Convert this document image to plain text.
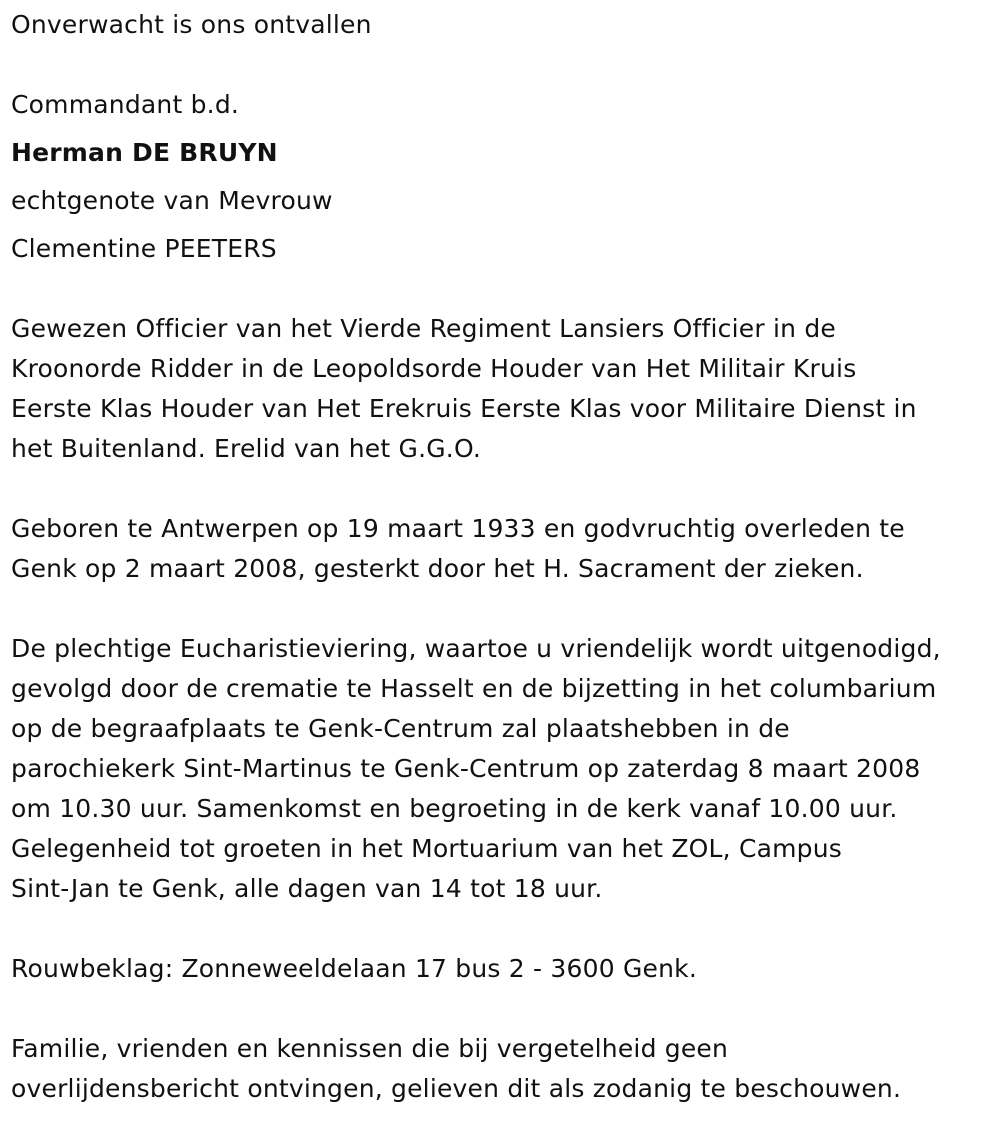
Onverwacht is ons ontvallen
Commandant b.d.
Herman DE BRUYN
echtgenote van Mevrouw
Clementine PEETERS
Gewezen Officier van het Vierde Regiment Lansiers Officier in de
Kroonorde Ridder in de Leopoldsorde Houder van Het Militair Kruis
Eerste Klas Houder van Het Erekruis Eerste Klas voor Militaire Dienst in
het Buitenland. Erelid van het G.G.O.
Geboren te Antwerpen op 19 maart 1933 en godvruchtig overleden te
Genk op 2 maart 2008, gesterkt door het H. Sacrament der zieken.
De plechtige Eucharistieviering, waartoe u vriendelijk wordt uitgenodigd,
gevolgd door de crematie te Hasselt en de bijzetting in het columbarium
op de begraafplaats te Genk-Centrum zal plaatshebben in de
parochiekerk Sint-Martinus te Genk-Centrum op zaterdag 8 maart 2008
om 10.30 uur. Samenkomst en begroeting in de kerk vanaf 10.00 uur.
Gelegenheid tot groeten in het Mortuarium van het ZOL, Campus
Sint-Jan te Genk, alle dagen van 14 tot 18 uur.
Rouwbeklag: Zonneweeldelaan 17 bus 2 - 3600 Genk.
Familie, vrienden en kennissen die bij vergetelheid geen
overlijdensbericht ontvingen, gelieven dit als zodanig te beschouwen.
